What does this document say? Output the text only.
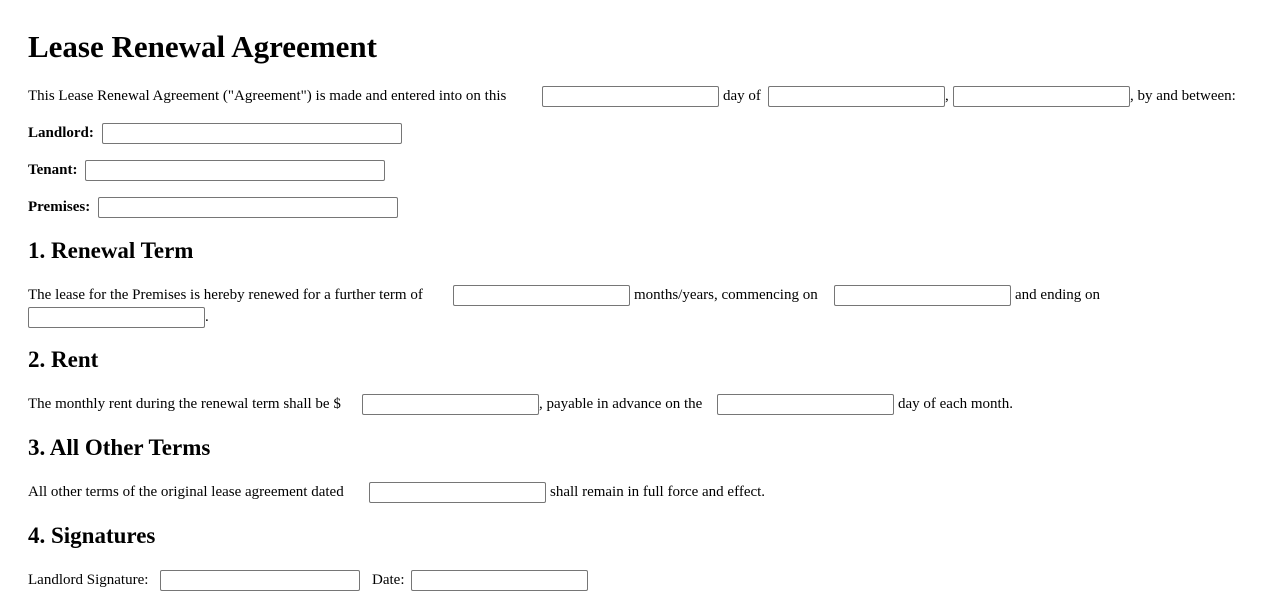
Lease Renewal Agreement
This Lease Renewal Agreement ("Agreement") is made and entered into on this	day of	,	, by and between:
Landlord:
Tenant:
Premises:
1. Renewal Term
The lease for the Premises is hereby renewed for a further term of	months/years, commencing on	and ending on
.
2. Rent
The monthly rent during the renewal term shall be $	, payable in advance on the	day of each month.
3. All Other Terms
All other terms of the original lease agreement dated	shall remain in full force and effect.
4. Signatures
Landlord Signature:	Date:
